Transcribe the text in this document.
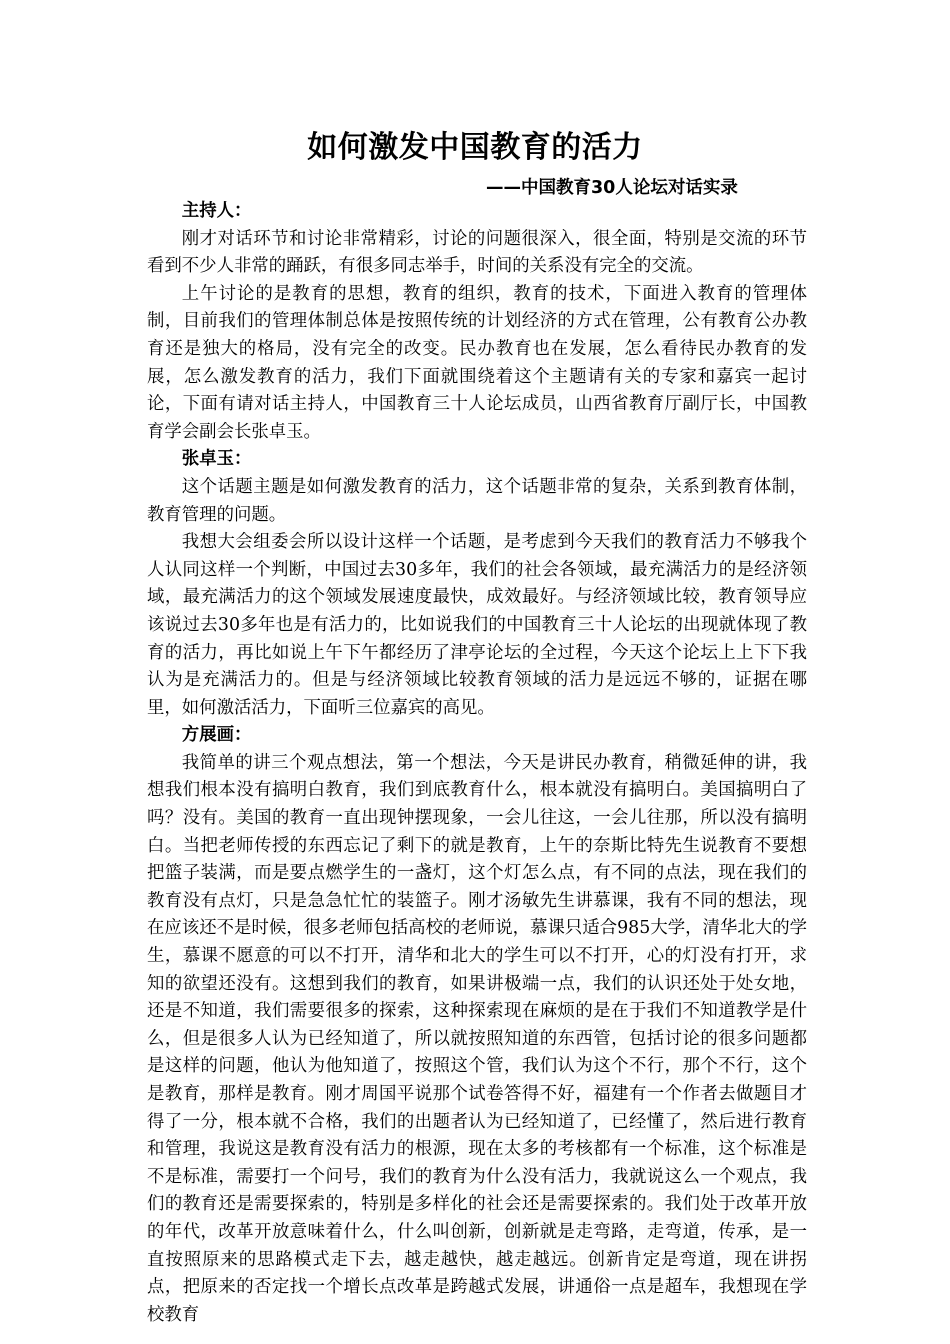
如何激发中国教育的活力
——中国教育30人论坛对话实录

主持人：

刚才对话环节和讨论非常精彩，讨论的问题很深入，很全面，特别是交流的环节看到不少人非常的踊跃，有很多同志举手，时间的关系没有完全的交流。

上午讨论的是教育的思想，教育的组织，教育的技术，下面进入教育的管理体制，目前我们的管理体制总体是按照传统的计划经济的方式在管理，公有教育公办教育还是独大的格局，没有完全的改变。民办教育也在发展，怎么看待民办教育的发展，怎么激发教育的活力，我们下面就围绕着这个主题请有关的专家和嘉宾一起讨论，下面有请对话主持人，中国教育三十人论坛成员，山西省教育厅副厅长，中国教育学会副会长张卓玉。

张卓玉：

这个话题主题是如何激发教育的活力，这个话题非常的复杂，关系到教育体制，教育管理的问题。

我想大会组委会所以设计这样一个话题，是考虑到今天我们的教育活力不够我个人认同这样一个判断，中国过去30多年，我们的社会各领域，最充满活力的是经济领域，最充满活力的这个领域发展速度最快，成效最好。与经济领域比较，教育领导应该说过去30多年也是有活力的，比如说我们的中国教育三十人论坛的出现就体现了教育的活力，再比如说上午下午都经历了津亭论坛的全过程，今天这个论坛上上下下我认为是充满活力的。但是与经济领域比较教育领域的活力是远远不够的，证据在哪里，如何激活活力，下面听三位嘉宾的高见。

方展画：

我简单的讲三个观点想法，第一个想法，今天是讲民办教育，稍微延伸的讲，我想我们根本没有搞明白教育，我们到底教育什么，根本就没有搞明白。美国搞明白了吗？没有。美国的教育一直出现钟摆现象，一会儿往这，一会儿往那，所以没有搞明白。当把老师传授的东西忘记了剩下的就是教育，上午的奈斯比特先生说教育不要想把篮子装满，而是要点燃学生的一盏灯，这个灯怎么点，有不同的点法，现在我们的教育没有点灯，只是急急忙忙的装篮子。刚才汤敏先生讲慕课，我有不同的想法，现在应该还不是时候，很多老师包括高校的老师说，慕课只适合985大学，清华北大的学生，慕课不愿意的可以不打开，清华和北大的学生可以不打开，心的灯没有打开，求知的欲望还没有。这想到我们的教育，如果讲极端一点，我们的认识还处于处女地，还是不知道，我们需要很多的探索，这种探索现在麻烦的是在于我们不知道教学是什么，但是很多人认为已经知道了，所以就按照知道的东西管，包括讨论的很多问题都是这样的问题，他认为他知道了，按照这个管，我们认为这个不行，那个不行，这个是教育，那样是教育。刚才周国平说那个试卷答得不好，福建有一个作者去做题目才得了一分，根本就不合格，我们的出题者认为已经知道了，已经懂了，然后进行教育和管理，我说这是教育没有活力的根源，现在太多的考核都有一个标准，这个标准是不是标准，需要打一个问号，我们的教育为什么没有活力，我就说这么一个观点，我们的教育还是需要探索的，特别是多样化的社会还是需要探索的。我们处于改革开放的年代，改革开放意味着什么，什么叫创新，创新就是走弯路，走弯道，传承，是一直按照原来的思路模式走下去，越走越快，越走越远。创新肯定是弯道，现在讲拐点，把原来的否定找一个增长点改革是跨越式发展，讲通俗一点是超车，我想现在学校教育
